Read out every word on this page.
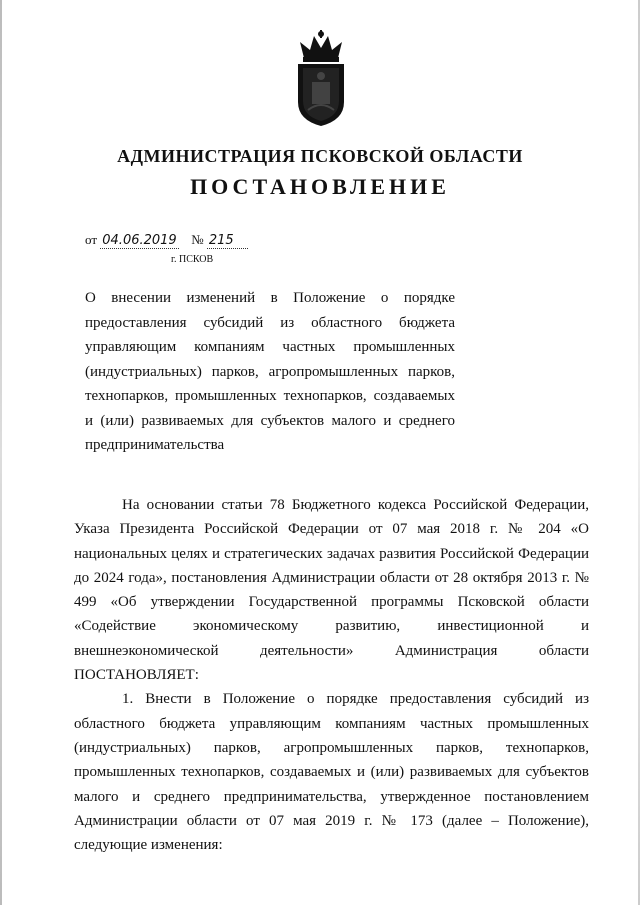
АДМИНИСТРАЦИЯ ПСКОВСКОЙ ОБЛАСТИ
ПОСТАНОВЛЕНИЕ
от 04.06.2019 № 215
г. ПСКОВ
О внесении изменений в Положение о порядке предоставления субсидий из областного бюджета управляющим компаниям частных промышленных (индустриальных) парков, агропромышленных парков, технопарков, промышленных технопарков, создаваемых и (или) развиваемых для субъектов малого и среднего предпринимательства

На основании статьи 78 Бюджетного кодекса Российской Федерации, Указа Президента Российской Федерации от 07 мая 2018 г. № 204 «О национальных целях и стратегических задачах развития Российской Федерации до 2024 года», постановления Администрации области от 28 октября 2013 г. № 499 «Об утверждении Государственной программы Псковской области «Содействие экономическому развитию, инвестиционной и внешнеэкономической деятельности» Администрация области ПОСТАНОВЛЯЕТ:

1. Внести в Положение о порядке предоставления субсидий из областного бюджета управляющим компаниям частных промышленных (индустриальных) парков, агропромышленных парков, технопарков, промышленных технопарков, создаваемых и (или) развиваемых для субъектов малого и среднего предпринимательства, утвержденное постановлением Администрации области от 07 мая 2019 г. № 173 (далее – Положение), следующие изменения:
